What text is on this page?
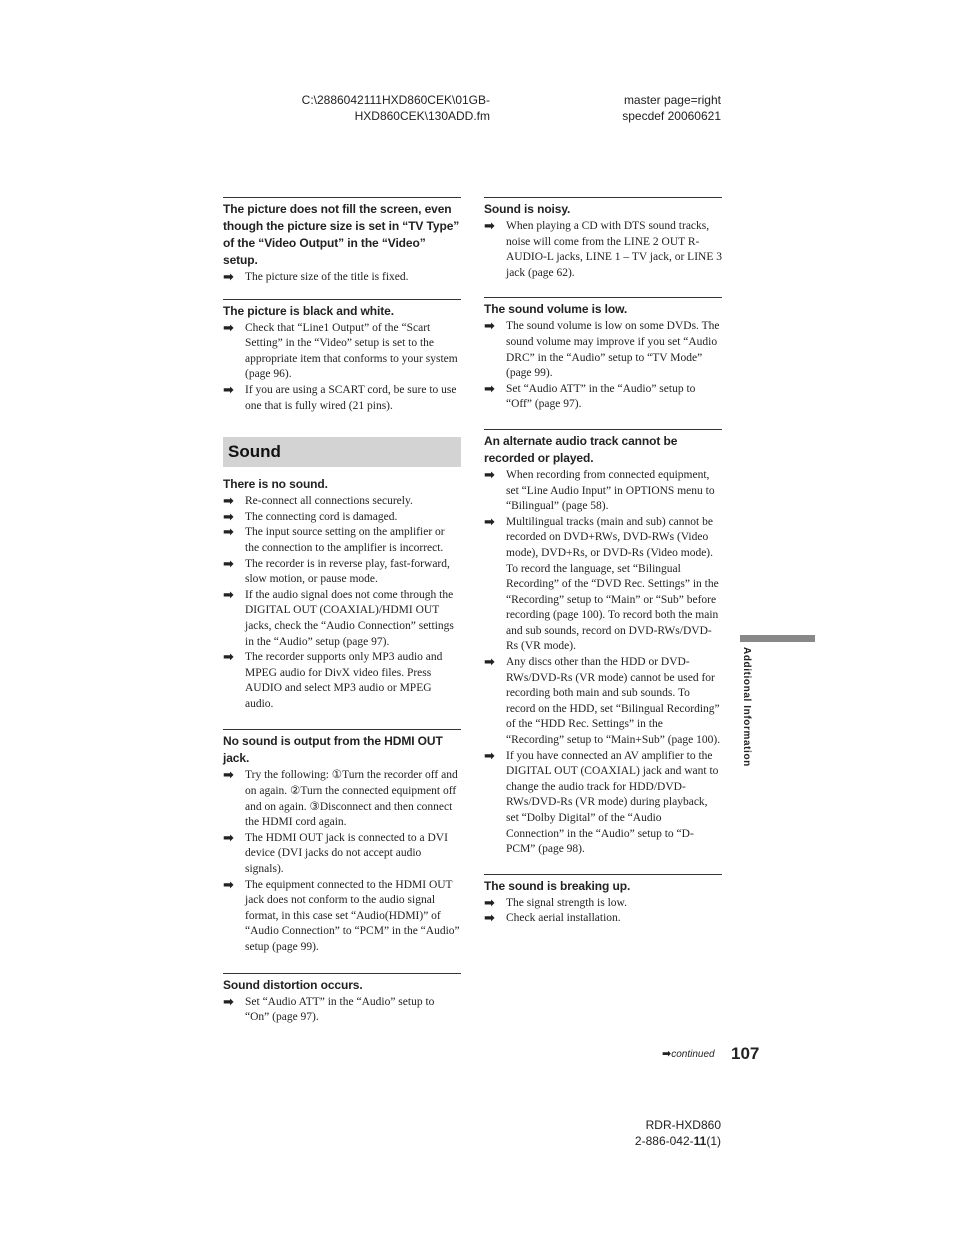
C:\2886042111HXD860CEK\01GB-
HXD860CEK\130ADD.fm
master page=right
specdef 20060621
The picture does not fill the screen, even though the picture size is set in “TV Type” of the “Video Output” in the “Video” setup.
➡ The picture size of the title is fixed.
The picture is black and white.
➡ Check that “Line1 Output” of the “Scart Setting” in the “Video” setup is set to the appropriate item that conforms to your system (page 96).
➡ If you are using a SCART cord, be sure to use one that is fully wired (21 pins).
Sound
There is no sound.
➡ Re-connect all connections securely.
➡ The connecting cord is damaged.
➡ The input source setting on the amplifier or the connection to the amplifier is incorrect.
➡ The recorder is in reverse play, fast-forward, slow motion, or pause mode.
➡ If the audio signal does not come through the DIGITAL OUT (COAXIAL)/HDMI OUT jacks, check the “Audio Connection” settings in the “Audio” setup (page 97).
➡ The recorder supports only MP3 audio and MPEG audio for DivX video files. Press AUDIO and select MP3 audio or MPEG audio.
No sound is output from the HDMI OUT jack.
➡ Try the following: ①Turn the recorder off and on again. ②Turn the connected equipment off and on again. ③Disconnect and then connect the HDMI cord again.
➡ The HDMI OUT jack is connected to a DVI device (DVI jacks do not accept audio signals).
➡ The equipment connected to the HDMI OUT jack does not conform to the audio signal format, in this case set “Audio(HDMI)” of “Audio Connection” to “PCM” in the “Audio” setup (page 99).
Sound distortion occurs.
➡ Set “Audio ATT” in the “Audio” setup to “On” (page 97).
Sound is noisy.
➡ When playing a CD with DTS sound tracks, noise will come from the LINE 2 OUT R-AUDIO-L jacks, LINE 1 – TV jack, or LINE 3 jack (page 62).
The sound volume is low.
➡ The sound volume is low on some DVDs. The sound volume may improve if you set “Audio DRC” in the “Audio” setup to “TV Mode” (page 99).
➡ Set “Audio ATT” in the “Audio” setup to “Off” (page 97).
An alternate audio track cannot be recorded or played.
➡ When recording from connected equipment, set “Line Audio Input” in OPTIONS menu to “Bilingual” (page 58).
➡ Multilingual tracks (main and sub) cannot be recorded on DVD+RWs, DVD-RWs (Video mode), DVD+Rs, or DVD-Rs (Video mode). To record the language, set “Bilingual Recording” of the “DVD Rec. Settings” in the “Recording” setup to “Main” or “Sub” before recording (page 100). To record both the main and sub sounds, record on DVD-RWs/DVD-Rs (VR mode).
➡ Any discs other than the HDD or DVD-RWs/DVD-Rs (VR mode) cannot be used for recording both main and sub sounds. To record on the HDD, set “Bilingual Recording” of the “HDD Rec. Settings” in the “Recording” setup to “Main+Sub” (page 100).
➡ If you have connected an AV amplifier to the DIGITAL OUT (COAXIAL) jack and want to change the audio track for HDD/DVD-RWs/DVD-Rs (VR mode) during playback, set “Dolby Digital” of the “Audio Connection” in the “Audio” setup to “D-PCM” (page 98).
The sound is breaking up.
➡ The signal strength is low.
➡ Check aerial installation.
Additional Information
➡continued 107
RDR-HXD860
2-886-042-11(1)
